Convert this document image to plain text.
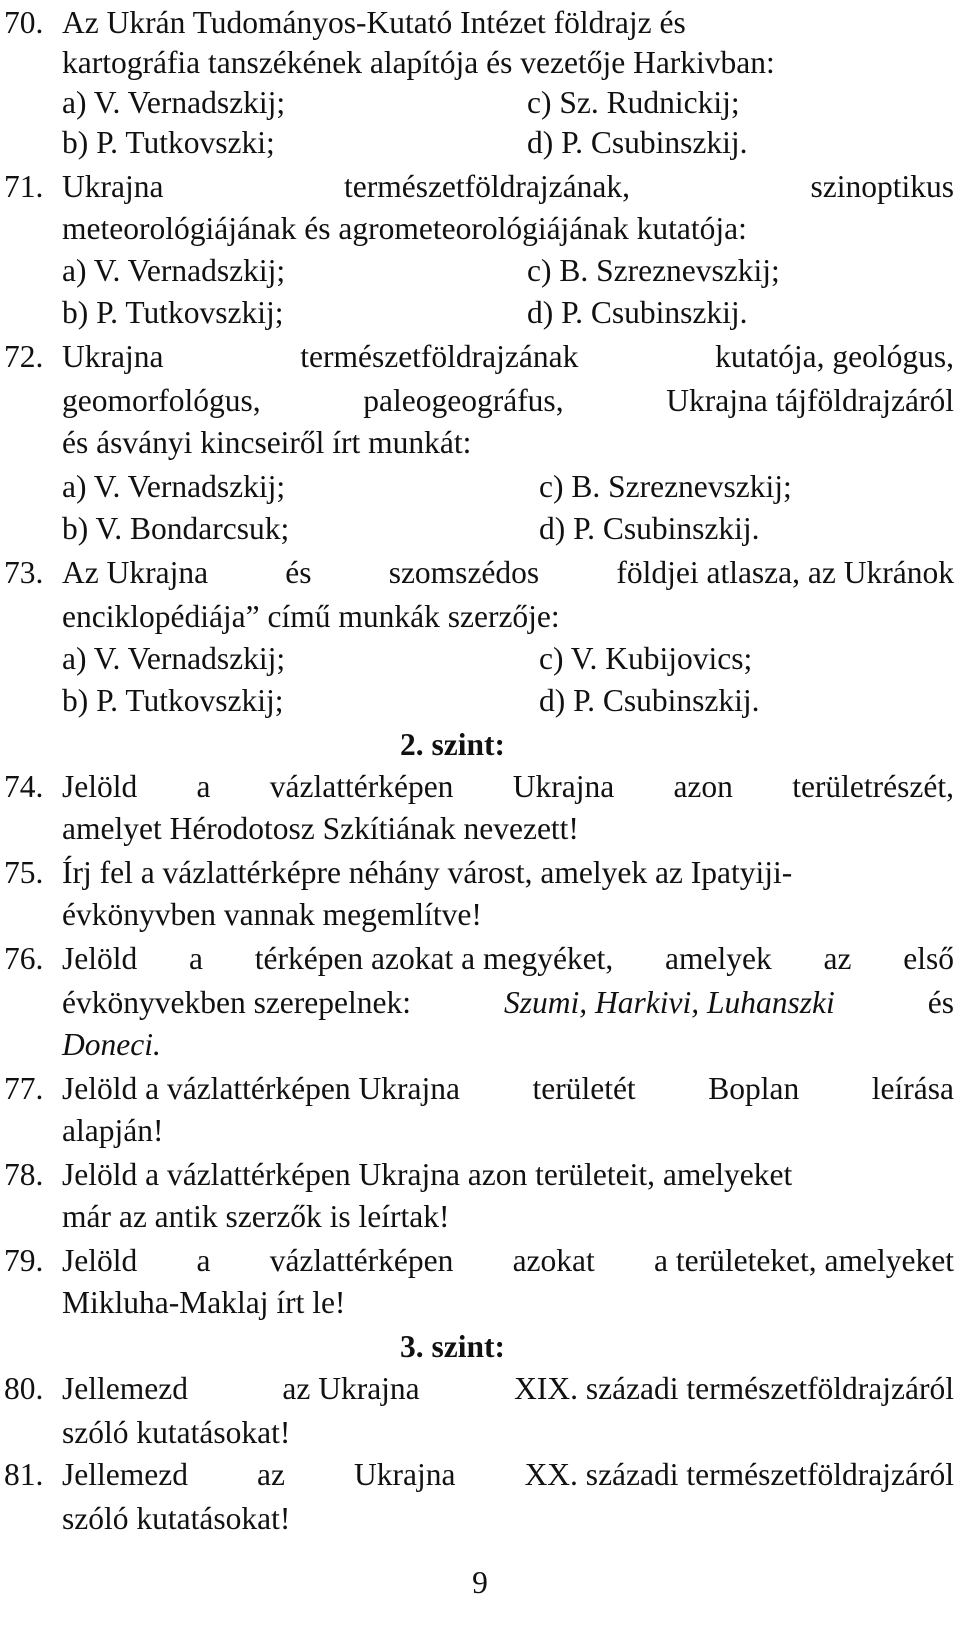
70. Az Ukrán Tudományos-Kutató Intézet földrajz és
kartográfia tanszékének alapítója és vezetője Harkivban:
a) V. Vernadszkij;	c) Sz. Rudnickij;
b) P. Tutkovszki;	d) P. Csubinszkij.
71. Ukrajna	természetföldrajzának,	szinoptikus
meteorológiájának és agrometeorológiájának kutatója:
a) V. Vernadszkij;	c) B. Szreznevszkij;
b) P. Tutkovszkij;	d) P. Csubinszkij.
72. Ukrajna	természetföldrajzának	kutatója, geológus,
geomorfológus,	paleogeográfus,	Ukrajna tájföldrajzáról
és ásványi kincseiről írt munkát:
a) V. Vernadszkij;	c) B. Szreznevszkij;
b) V. Bondarcsuk;	d) P. Csubinszkij.
73. Az Ukrajna és szomszédos földjei atlasza, az Ukránok
enciklopédiája” című munkák szerzője:
a) V. Vernadszkij;	c) V. Kubijovics;
b) P. Tutkovszkij;	d) P. Csubinszkij.
2. szint:
74. Jelöld a vázlattérképen Ukrajna azon területrészét,
amelyet Hérodotosz Szkítiának nevezett!
75. Írj fel a vázlattérképre néhány várost, amelyek az Ipatyiji-
évkönyvben vannak megemlítve!
76. Jelöld a térképen azokat a megyéket, amelyek az első
évkönyvekben szerepelnek:	Szumi, Harkivi, Luhanszki	és
Doneci.
77. Jelöld a vázlattérképen Ukrajna területét Boplan leírása
alapján!
78. Jelöld a vázlattérképen Ukrajna azon területeit, amelyeket
már az antik szerzők is leírtak!
79. Jelöld a vázlattérképen azokat a területeket, amelyeket
Mikluha-Maklaj írt le!
3. szint:
80. Jellemezd	az Ukrajna	XIX. századi természetföldrajzáról
szóló kutatásokat!
81. Jellemezd az Ukrajna XX. századi természetföldrajzáról
szóló kutatásokat!
9
